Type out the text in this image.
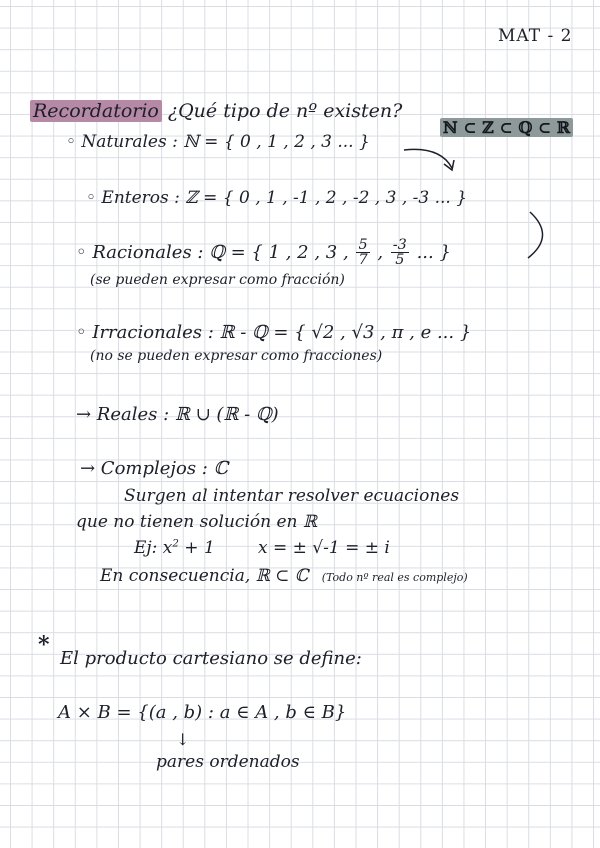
MAT - 2
Recordatorio ¿Qué tipo de nº existen?
ℕ ⊂ ℤ ⊂ ℚ ⊂ ℝ
◦ Naturales : ℕ = { 0 , 1 , 2 , 3 ... }
◦ Enteros : ℤ = { 0 , 1 , -1 , 2 , -2 , 3 , -3 ... }
◦ Racionales : ℚ = { 1 , 2 , 3 , $\frac{5}{7}$ , $\frac{-3}{5}$ ... }
(se pueden expresar como fracción)
◦ Irracionales : ℝ - ℚ = { √2 , √3 , π , e ... }
(no se pueden expresar como fracciones)
→ Reales : ℝ ∪ (ℝ - ℚ)
→ Complejos : ℂ
Surgen al intentar resolver ecuaciones
que no tienen solución en ℝ
Ej: $x^2 + 1$        x = ± √-1 = ± i
En consecuencia, ℝ ⊂ ℂ (Todo nº real es complejo)
*
El producto cartesiano se define:
A × B = {(a , b) : a ∈ A , b ∈ B}
↓
pares ordenados
